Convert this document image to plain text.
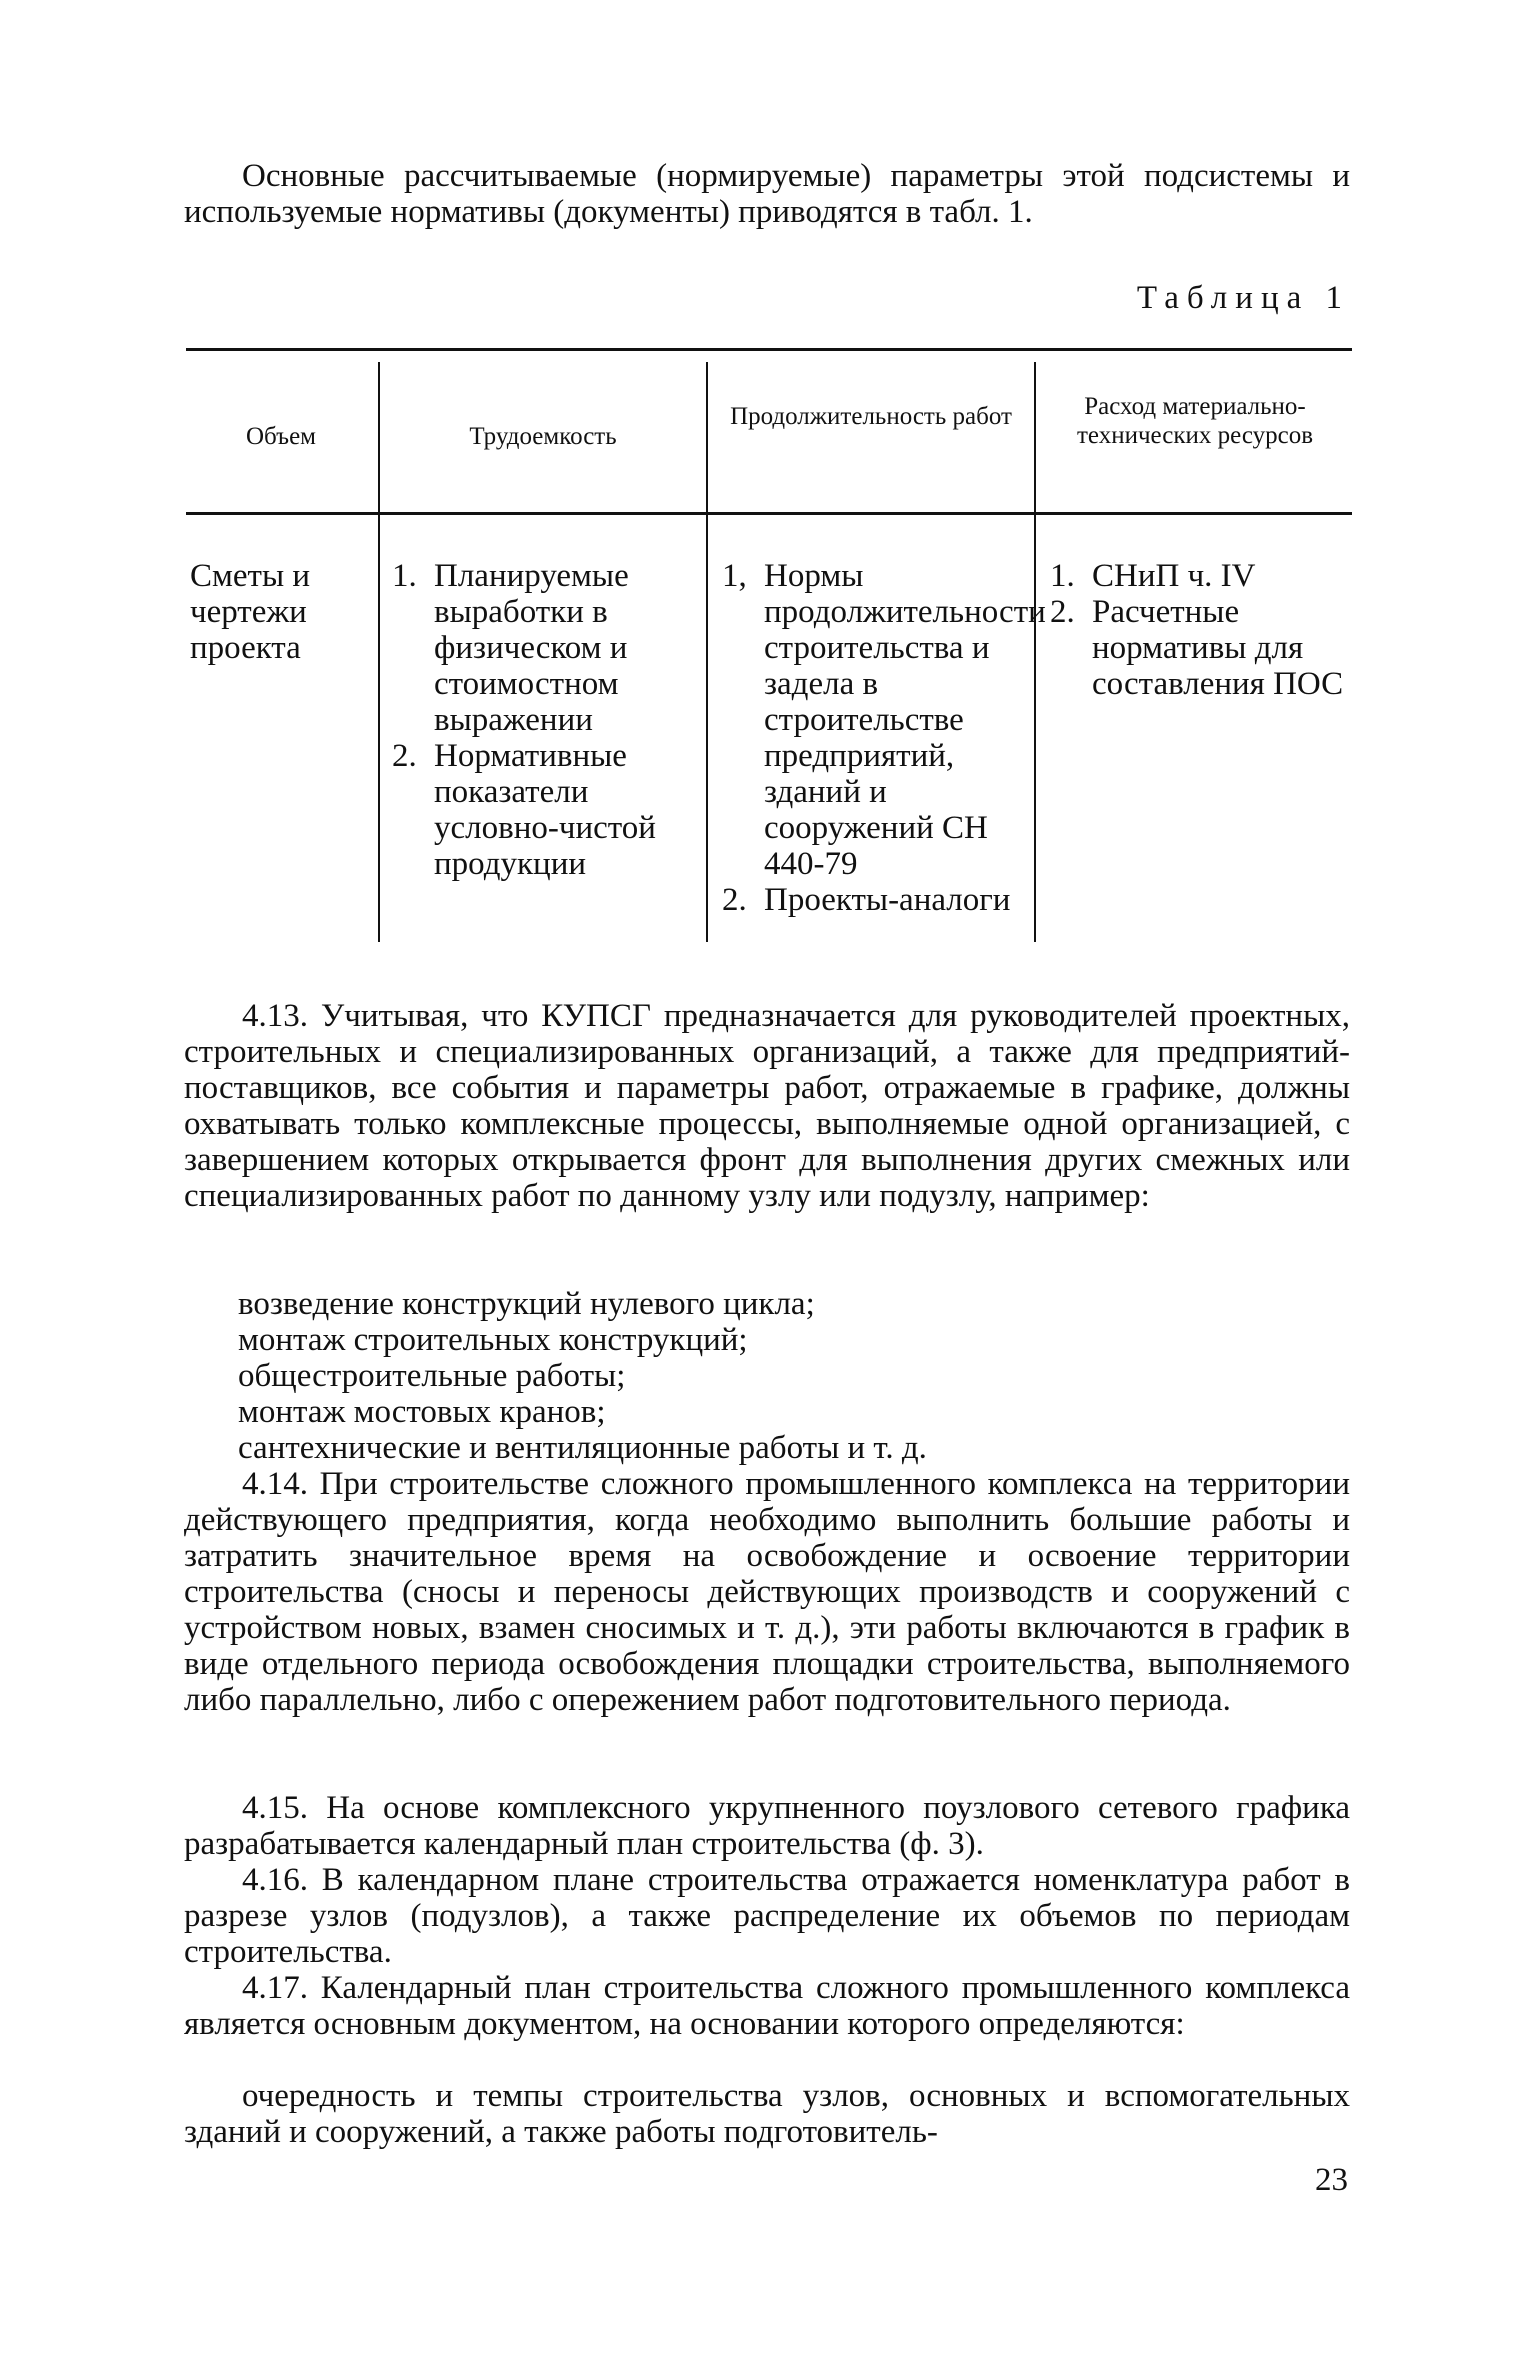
Основные рассчитываемые (нормируемые) параметры этой подсистемы и используемые нормативы (документы) приводятся в табл. 1.

Таблица 1

Объем	Трудоемкость

Продолжительность работ	Расход материально-технических ресурсов

Сметы и чертежи проекта

1. Планируемые выработки в физическом и стоимостном выражении
2. Нормативные показатели условно-чистой продукции
1, Нормы продолжительности строительства и задела в строительстве предприятий, зданий и сооружений СН 440-79
2. Проекты-аналоги
1. СНиП ч. IV
2. Расчетные нормативы для составления ПОС

4.13. Учитывая, что КУПСГ предназначается для руководителей проектных, строительных и специализированных организаций, а также для предприятий-поставщиков, все события и параметры работ, отражаемые в графике, должны охватывать только комплексные процессы, выполняемые одной организацией, с завершением которых открывается фронт для выполнения других смежных или специализированных работ по данному узлу или подузлу, например:

возведение конструкций нулевого цикла;
монтаж строительных конструкций;
общестроительные работы;
монтаж мостовых кранов;
сантехнические и вентиляционные работы и т. д.

4.14. При строительстве сложного промышленного комплекса на территории действующего предприятия, когда необходимо выполнить большие работы и затратить значительное время на освобождение и освоение территории строительства (сносы и переносы действующих производств и сооружений с устройством новых, взамен сносимых и т. д.), эти работы включаются в график в виде отдельного периода освобождения площадки строительства, выполняемого либо параллельно, либо с опережением работ подготовительного периода.

4.15. На основе комплексного укрупненного поузлового сетевого графика разрабатывается календарный план строительства (ф. 3).

4.16. В календарном плане строительства отражается номенклатура работ в разрезе узлов (подузлов), а также распределение их объемов по периодам строительства.

4.17. Календарный план строительства сложного промышленного комплекса является основным документом, на основании которого определяются:

очередность и темпы строительства узлов, основных и вспомогательных зданий и сооружений, а также работы подготовитель-

23
